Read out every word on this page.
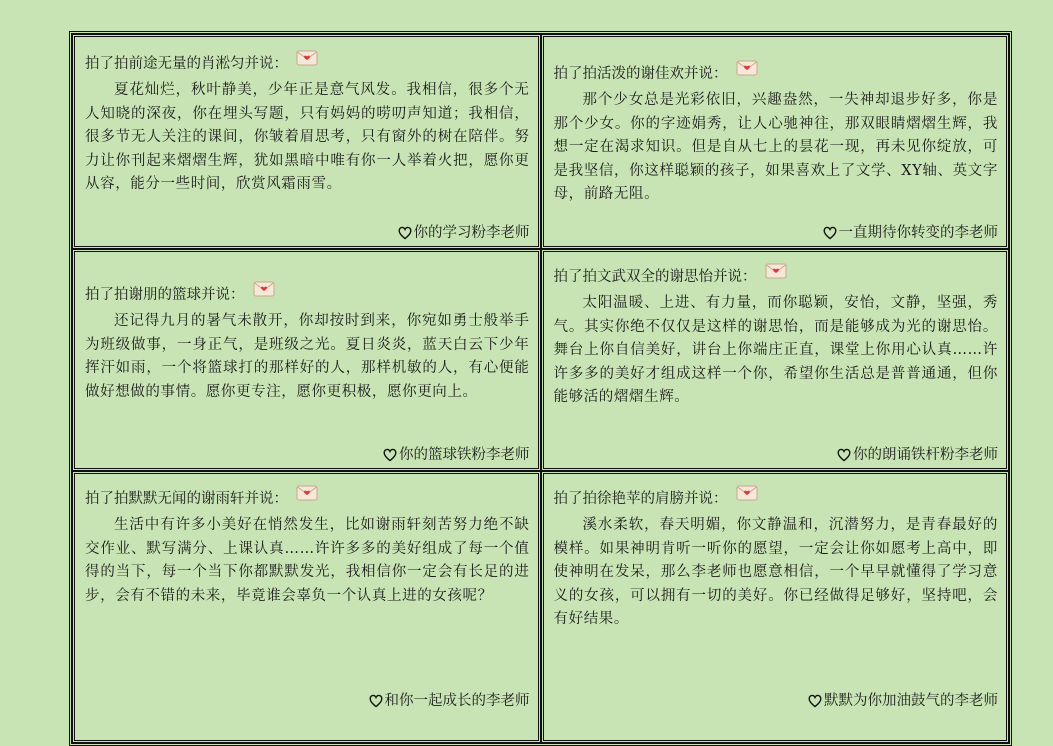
拍了拍前途无量的肖淞匀并说：

夏花灿烂，秋叶静美，少年正是意气风发。我相信，很多个无人知晓的深夜，你在埋头写题，只有妈妈的唠叨声知道；我相信，很多节无人关注的课间，你皱着眉思考，只有窗外的树在陪伴。努力让你刊起来熠熠生辉，犹如黑暗中唯有你一人举着火把，愿你更从容，能分一些时间，欣赏风霜雨雪。

你的学习粉李老师
拍了拍活泼的谢佳欢并说：

那个少女总是光彩依旧，兴趣盎然，一失神却退步好多，你是那个少女。你的字迹娟秀，让人心驰神往，那双眼睛熠熠生辉，我想一定在渴求知识。但是自从七上的昙花一现，再未见你绽放，可是我坚信，你这样聪颖的孩子，如果喜欢上了文学、XY轴、英文字母，前路无阻。

一直期待你转变的李老师
拍了拍谢朋的篮球并说：

还记得九月的暑气未散开，你却按时到来，你宛如勇士般举手为班级做事，一身正气，是班级之光。夏日炎炎，蓝天白云下少年挥汗如雨，一个将篮球打的那样好的人，那样机敏的人，有心便能做好想做的事情。愿你更专注，愿你更积极，愿你更向上。

你的篮球铁粉李老师
拍了拍文武双全的谢思怡并说：

太阳温暖、上进、有力量，而你聪颖，安怡，文静，坚强，秀气。其实你绝不仅仅是这样的谢思怡，而是能够成为光的谢思怡。舞台上你自信美好，讲台上你端庄正直，课堂上你用心认真……许许多多的美好才组成这样一个你，希望你生活总是普普通通，但你能够活的熠熠生辉。

你的朗诵铁杆粉李老师
拍了拍默默无闻的谢雨轩并说：

生活中有许多小美好在悄然发生，比如谢雨轩刻苦努力绝不缺交作业、默写满分、上课认真……许许多多的美好组成了每一个值得的当下，每一个当下你都默默发光，我相信你一定会有长足的进步，会有不错的未来，毕竟谁会辜负一个认真上进的女孩呢？

和你一起成长的李老师
拍了拍徐艳苹的肩膀并说：

溪水柔软，春天明媚，你文静温和，沉潜努力，是青春最好的模样。如果神明肯听一听你的愿望，一定会让你如愿考上高中，即使神明在发呆，那么李老师也愿意相信，一个早早就懂得了学习意义的女孩，可以拥有一切的美好。你已经做得足够好，坚持吧，会有好结果。

默默为你加油鼓气的李老师
